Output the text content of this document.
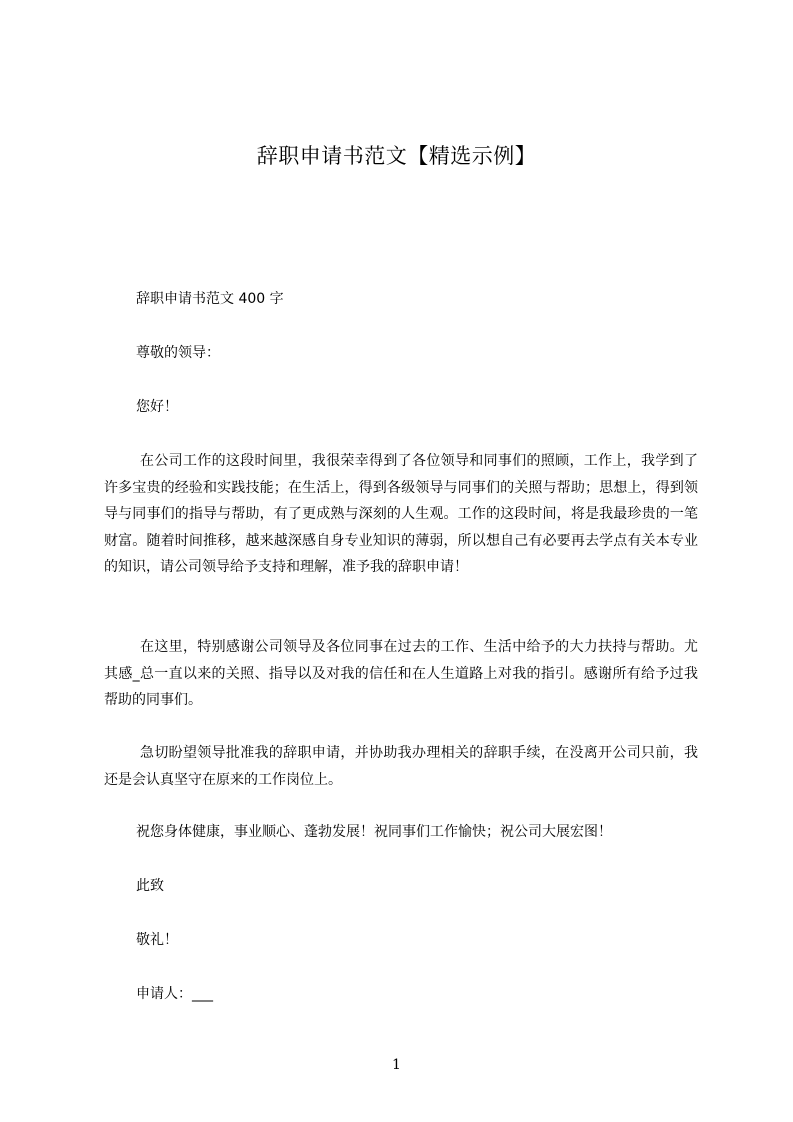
辞职申请书范文【精选示例】
辞职申请书范文 400 字
尊敬的领导：
您好！
在公司工作的这段时间里，我很荣幸得到了各位领导和同事们的照顾，工作上，我学到了许多宝贵的经验和实践技能；在生活上，得到各级领导与同事们的关照与帮助；思想上，得到领导与同事们的指导与帮助，有了更成熟与深刻的人生观。工作的这段时间，将是我最珍贵的一笔财富。随着时间推移，越来越深感自身专业知识的薄弱，所以想自己有必要再去学点有关本专业的知识，请公司领导给予支持和理解，准予我的辞职申请！
在这里，特别感谢公司领导及各位同事在过去的工作、生活中给予的大力扶持与帮助。尤其感_总一直以来的关照、指导以及对我的信任和在人生道路上对我的指引。感谢所有给予过我帮助的同事们。
急切盼望领导批准我的辞职申请，并协助我办理相关的辞职手续，在没离开公司只前，我还是会认真坚守在原来的工作岗位上。
祝您身体健康，事业顺心、蓬勃发展！祝同事们工作愉快；祝公司大展宏图！
此致
敬礼！
申请人：___
1
